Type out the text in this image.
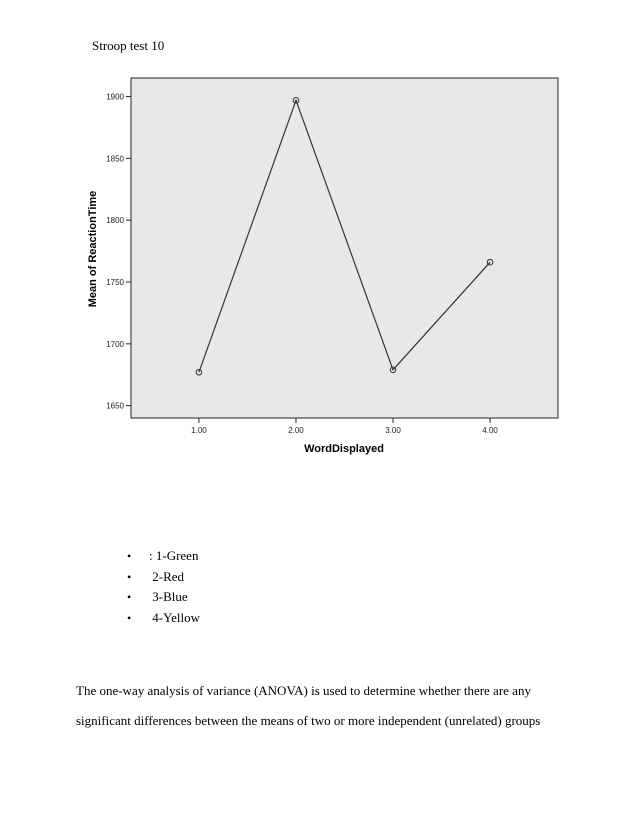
Stroop test 10
1650
1700
1750
1800
1850
1900
1.00	2.00	3.00	4.00
WordDisplayed
Mean of ReactionTime
• : 1-Green
• 2-Red
• 3-Blue
• 4-Yellow
The one-way analysis of variance (ANOVA) is used to determine whether there are any
significant differences between the means of two or more independent (unrelated) groups
